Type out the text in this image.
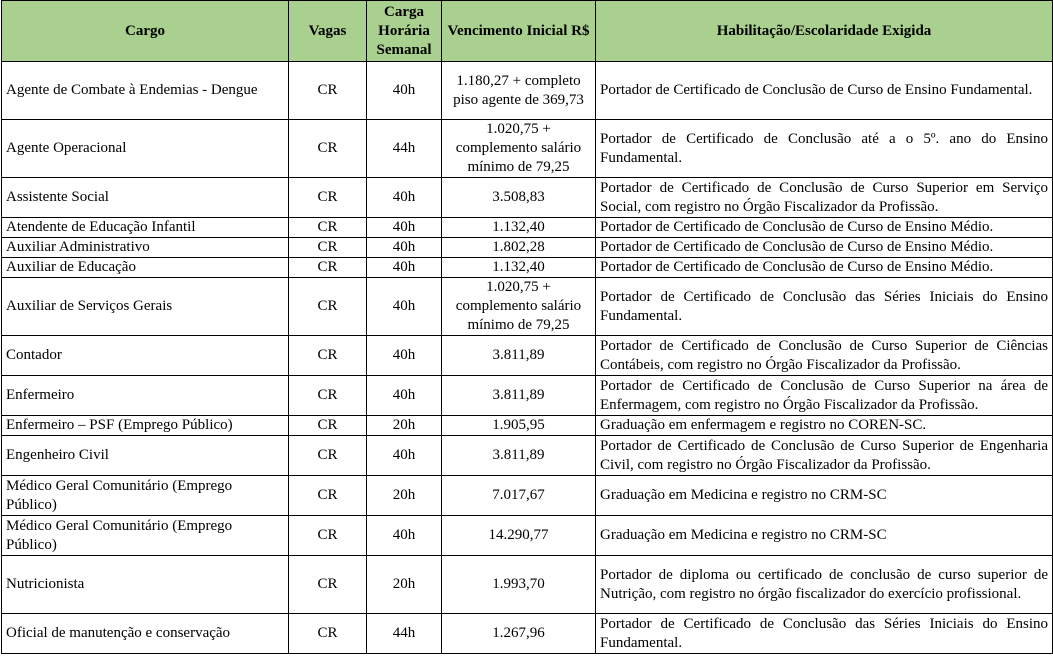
Cargo	Vagas	Carga Horária Semanal	Vencimento Inicial R$	Habilitação/Escolaridade Exigida
Agente de Combate à Endemias - Dengue	CR	40h	1.180,27 + completo piso agente de 369,73	Portador de Certificado de Conclusão de Curso de Ensino Fundamental.
Agente Operacional	CR	44h	1.020,75 + complemento salário mínimo de 79,25	Portador de Certificado de Conclusão até a o 5º. ano do Ensino Fundamental.
Assistente Social	CR	40h	3.508,83	Portador de Certificado de Conclusão de Curso Superior em Serviço Social, com registro no Órgão Fiscalizador da Profissão.
Atendente de Educação Infantil	CR	40h	1.132,40	Portador de Certificado de Conclusão de Curso de Ensino Médio.
Auxiliar Administrativo	CR	40h	1.802,28	Portador de Certificado de Conclusão de Curso de Ensino Médio.
Auxiliar de Educação	CR	40h	1.132,40	Portador de Certificado de Conclusão de Curso de Ensino Médio.
Auxiliar de Serviços Gerais	CR	40h	1.020,75 + complemento salário mínimo de 79,25	Portador de Certificado de Conclusão das Séries Iniciais do Ensino Fundamental.
Contador	CR	40h	3.811,89	Portador de Certificado de Conclusão de Curso Superior de Ciências Contábeis, com registro no Órgão Fiscalizador da Profissão.
Enfermeiro	CR	40h	3.811,89	Portador de Certificado de Conclusão de Curso Superior na área de Enfermagem, com registro no Órgão Fiscalizador da Profissão.
Enfermeiro – PSF (Emprego Público)	CR	20h	1.905,95	Graduação em enfermagem e registro no COREN-SC.
Engenheiro Civil	CR	40h	3.811,89	Portador de Certificado de Conclusão de Curso Superior de Engenharia Civil, com registro no Órgão Fiscalizador da Profissão.
Médico Geral Comunitário (Emprego Público)	CR	20h	7.017,67	Graduação em Medicina e registro no CRM-SC
Médico Geral Comunitário (Emprego Público)	CR	40h	14.290,77	Graduação em Medicina e registro no CRM-SC
Nutricionista	CR	20h	1.993,70	Portador de diploma ou certificado de conclusão de curso superior de Nutrição, com registro no órgão fiscalizador do exercício profissional.
Oficial de manutenção e conservação	CR	44h	1.267,96	Portador de Certificado de Conclusão das Séries Iniciais do Ensino Fundamental.
